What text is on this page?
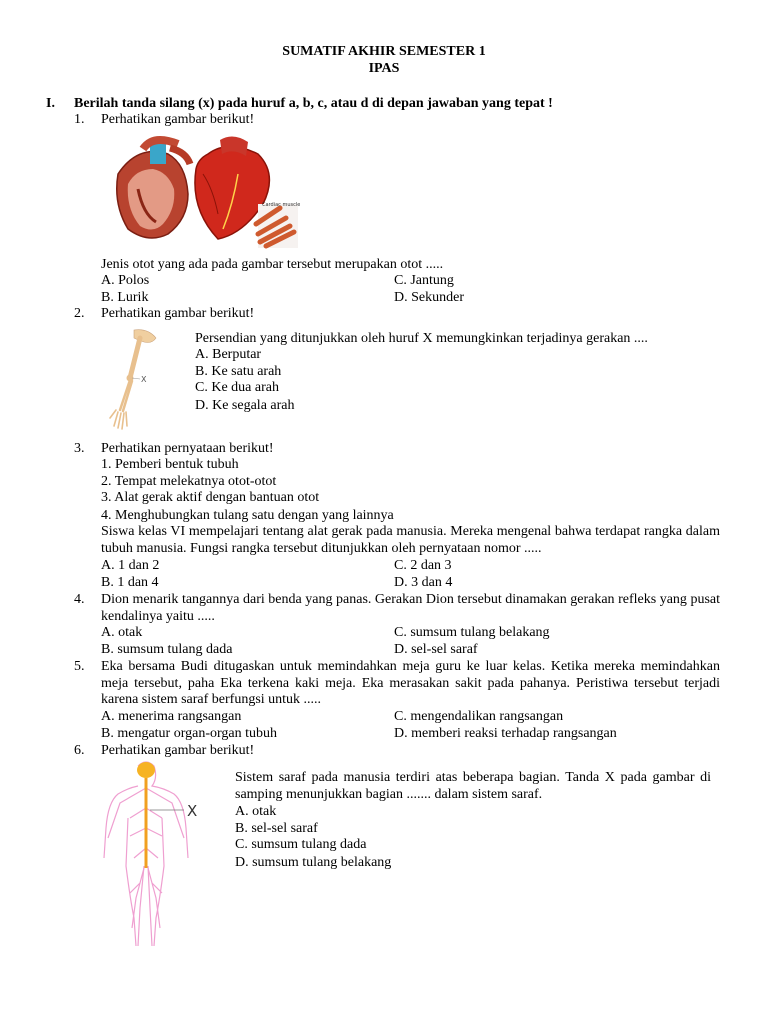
SUMATIF AKHIR SEMESTER 1
IPAS
I. Berilah tanda silang (x) pada huruf a, b, c, atau d di depan jawaban yang tepat !
1. Perhatikan gambar berikut!
Cardiac muscle
Jenis otot yang ada pada gambar tersebut merupakan otot .....
A. Polos
B. Lurik
C. Jantung
D. Sekunder
2. Perhatikan gambar berikut!
X
Persendian yang ditunjukkan oleh huruf X memungkinkan terjadinya gerakan ....
A. Berputar
B. Ke satu arah
C. Ke dua arah
D. Ke segala arah
3. Perhatikan pernyataan berikut!
1. Pemberi bentuk tubuh
2. Tempat melekatnya otot-otot
3. Alat gerak aktif dengan bantuan otot
4. Menghubungkan tulang satu dengan yang lainnya
Siswa kelas VI mempelajari tentang alat gerak pada manusia. Mereka mengenal bahwa terdapat rangka dalam tubuh manusia. Fungsi rangka tersebut ditunjukkan oleh pernyataan nomor .....
A. 1 dan 2
B. 1 dan 4
C. 2 dan 3
D. 3 dan 4
4. Dion menarik tangannya dari benda yang panas. Gerakan Dion tersebut dinamakan gerakan refleks yang pusat kendalinya yaitu .....
A. otak
B. sumsum tulang dada
C. sumsum tulang belakang
D. sel-sel saraf
5. Eka bersama Budi ditugaskan untuk memindahkan meja guru ke luar kelas. Ketika mereka memindahkan meja tersebut, paha Eka terkena kaki meja. Eka merasakan sakit pada pahanya. Peristiwa tersebut terjadi karena sistem saraf berfungsi untuk .....
A. menerima rangsangan
B. mengatur organ-organ tubuh
C. mengendalikan rangsangan
D. memberi reaksi terhadap rangsangan
6. Perhatikan gambar berikut!
X
Sistem saraf pada manusia terdiri atas beberapa bagian. Tanda X pada gambar di samping menunjukkan bagian ....... dalam sistem saraf.
A. otak
B. sel-sel saraf
C. sumsum tulang dada
D. sumsum tulang belakang
